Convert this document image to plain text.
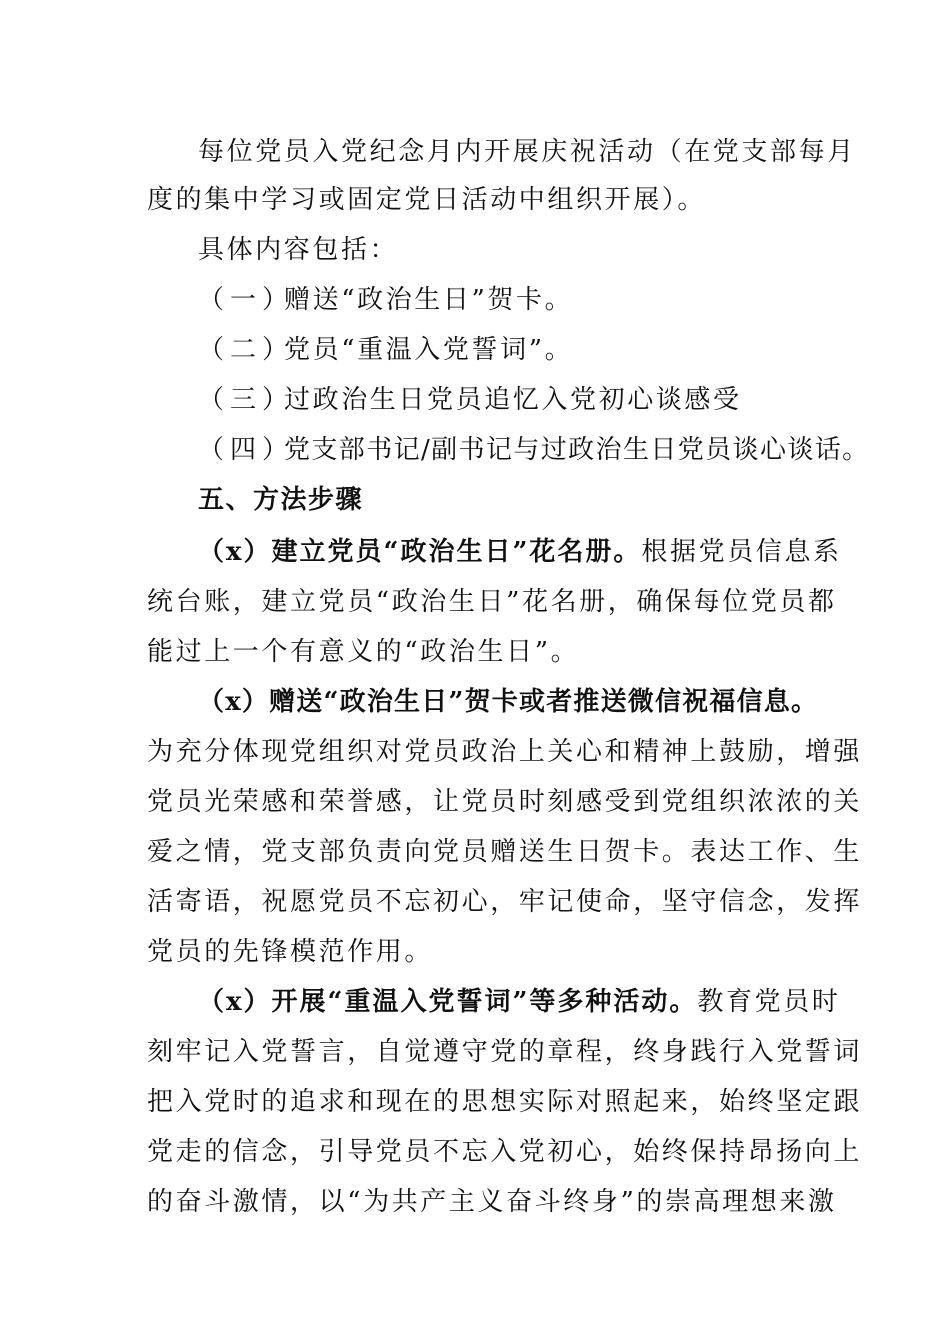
每位党员入党纪念月内开展庆祝活动（在党支部每月
度的集中学习或固定党日活动中组织开展）。
具体内容包括：
（一）赠送“政治生日”贺卡。
（二）党员“重温入党誓词”。
（三）过政治生日党员追忆入党初心谈感受
（四）党支部书记/副书记与过政治生日党员谈心谈话。
五、方法步骤
（x）建立党员“政治生日”花名册。根据党员信息系
统台账，建立党员“政治生日”花名册，确保每位党员都
能过上一个有意义的“政治生日”。
（x）赠送“政治生日”贺卡或者推送微信祝福信息。
为充分体现党组织对党员政治上关心和精神上鼓励，增强
党员光荣感和荣誉感，让党员时刻感受到党组织浓浓的关
爱之情，党支部负责向党员赠送生日贺卡。表达工作、生
活寄语，祝愿党员不忘初心，牢记使命，坚守信念，发挥
党员的先锋模范作用。
（x）开展“重温入党誓词”等多种活动。教育党员时
刻牢记入党誓言，自觉遵守党的章程，终身践行入党誓词
把入党时的追求和现在的思想实际对照起来，始终坚定跟
党走的信念，引导党员不忘入党初心，始终保持昂扬向上
的奋斗激情，以“为共产主义奋斗终身”的崇高理想来激
